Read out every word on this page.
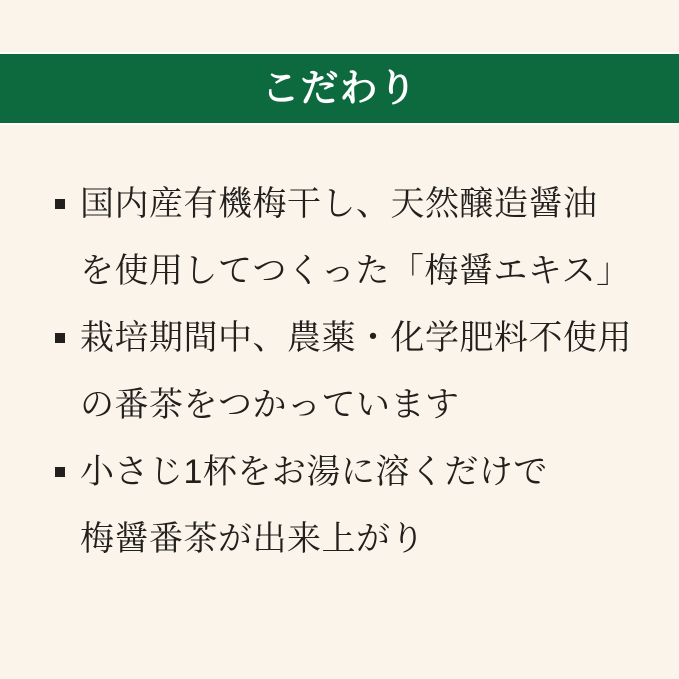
こだわり
国内産有機梅干し、天然醸造醤油
を使用してつくった「梅醤エキス」
栽培期間中、農薬・化学肥料不使用
の番茶をつかっています
小さじ1杯をお湯に溶くだけで
梅醤番茶が出来上がり
